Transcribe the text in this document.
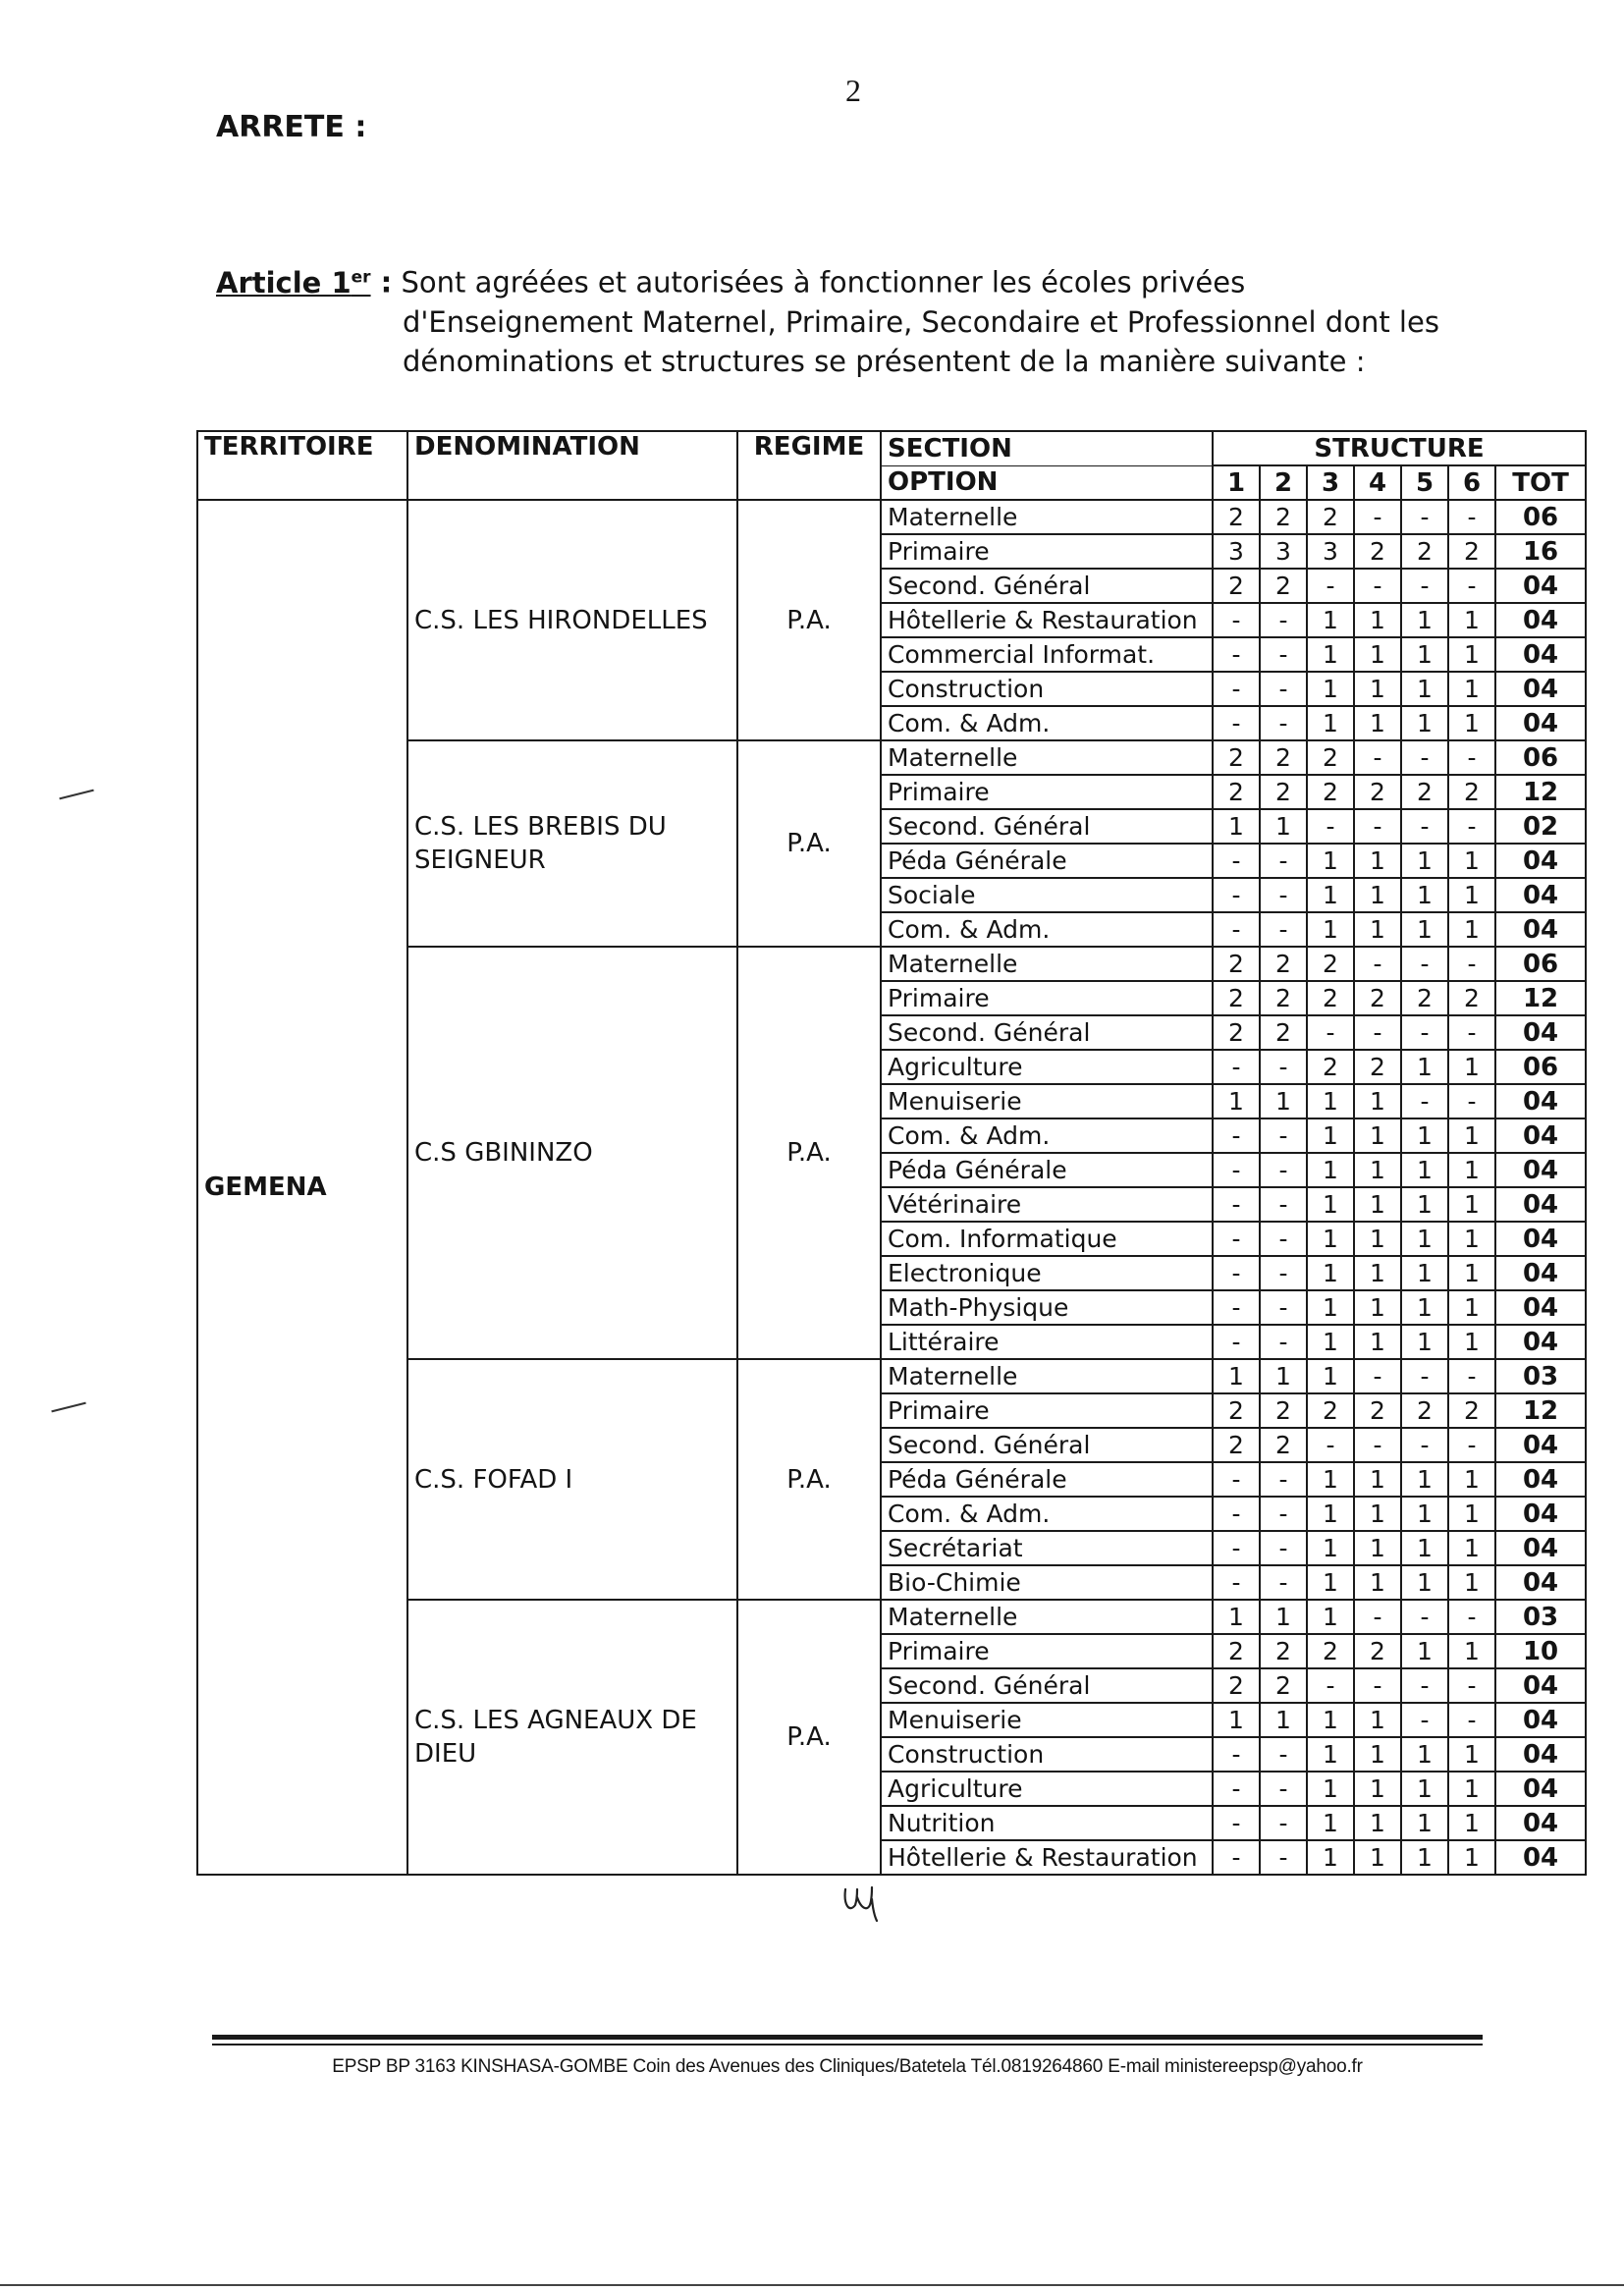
2
ARRETE :
Article 1er : Sont agréées et autorisées à fonctionner les écoles privées
d'Enseignement Maternel, Primaire, Secondaire et Professionnel dont les
dénominations et structures se présentent de la manière suivante :
TERRITOIRE	DENOMINATION	REGIME	SECTION	STRUCTURE						
			OPTION	1	2	3	4	5	6	TOT
GEMENA	C.S. LES HIRONDELLES	P.A.	Maternelle	2	2	2	-	-	-	06
			Primaire	3	3	3	2	2	2	16
			Second. Général	2	2	-	-	-	-	04
			Hôtellerie & Restauration	-	-	1	1	1	1	04
			Commercial Informat.	-	-	1	1	1	1	04
			Construction	-	-	1	1	1	1	04
			Com. & Adm.	-	-	1	1	1	1	04
	C.S. LES BREBIS DU SEIGNEUR	P.A.	Maternelle	2	2	2	-	-	-	06
			Primaire	2	2	2	2	2	2	12
			Second. Général	1	1	-	-	-	-	02
			Péda Générale	-	-	1	1	1	1	04
			Sociale	-	-	1	1	1	1	04
			Com. & Adm.	-	-	1	1	1	1	04
	C.S GBININZO	P.A.	Maternelle	2	2	2	-	-	-	06
			Primaire	2	2	2	2	2	2	12
			Second. Général	2	2	-	-	-	-	04
			Agriculture	-	-	2	2	1	1	06
			Menuiserie	1	1	1	1	-	-	04
			Com. & Adm.	-	-	1	1	1	1	04
			Péda Générale	-	-	1	1	1	1	04
			Vétérinaire	-	-	1	1	1	1	04
			Com. Informatique	-	-	1	1	1	1	04
			Electronique	-	-	1	1	1	1	04
			Math-Physique	-	-	1	1	1	1	04
			Littéraire	-	-	1	1	1	1	04
	C.S. FOFAD I	P.A.	Maternelle	1	1	1	-	-	-	03
			Primaire	2	2	2	2	2	2	12
			Second. Général	2	2	-	-	-	-	04
			Péda Générale	-	-	1	1	1	1	04
			Com. & Adm.	-	-	1	1	1	1	04
			Secrétariat	-	-	1	1	1	1	04
			Bio-Chimie	-	-	1	1	1	1	04
	C.S. LES AGNEAUX DE DIEU	P.A.	Maternelle	1	1	1	-	-	-	03
			Primaire	2	2	2	2	1	1	10
			Second. Général	2	2	-	-	-	-	04
			Menuiserie	1	1	1	1	-	-	04
			Construction	-	-	1	1	1	1	04
			Agriculture	-	-	1	1	1	1	04
			Nutrition	-	-	1	1	1	1	04
			Hôtellerie & Restauration	-	-	1	1	1	1	04
EPSP BP 3163 KINSHASA-GOMBE Coin des Avenues des Cliniques/Batetela Tél.0819264860 E-mail ministereepsp@yahoo.fr
